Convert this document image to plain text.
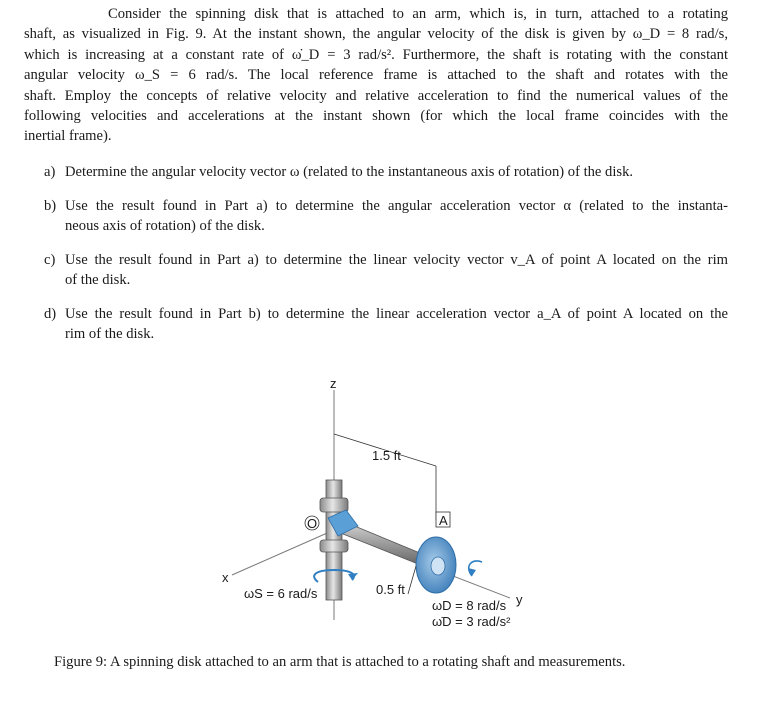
Consider the spinning disk that is attached to an arm, which is, in turn, attached to a rotating
shaft, as visualized in Fig. 9. At the instant shown, the angular velocity of the disk is given by ω_D = 8 rad/s,
which is increasing at a constant rate of ω̇_D = 3 rad/s². Furthermore, the shaft is rotating with the constant
angular velocity ω_S = 6 rad/s. The local reference frame is attached to the shaft and rotates with the
shaft. Employ the concepts of relative velocity and relative acceleration to find the numerical values of the
following velocities and accelerations at the instant shown (for which the local frame coincides with the
inertial frame).
a) Determine the angular velocity vector ω (related to the instantaneous axis of rotation) of the disk.
b) Use the result found in Part a) to determine the angular acceleration vector α (related to the instanta-
neous axis of rotation) of the disk.
c) Use the result found in Part a) to determine the linear velocity vector v_A of point A located on the rim
of the disk.
d) Use the result found in Part b) to determine the linear acceleration vector a_A of point A located on the
rim of the disk.
z
x
y
1.5 ft
O	A
0.5 ft
ωS = 6 rad/s
ωD = 8 rad/s
ω̇D = 3 rad/s²
Figure 9: A spinning disk attached to an arm that is attached to a rotating shaft and measurements.
